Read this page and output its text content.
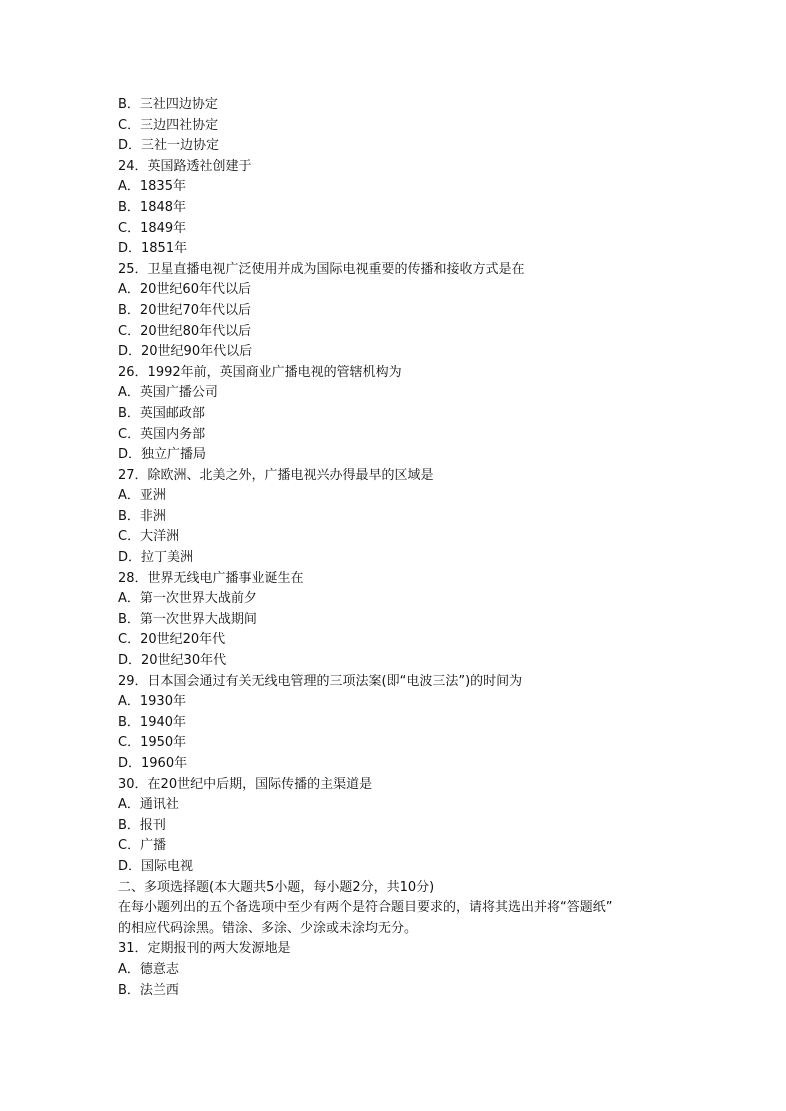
B．三社四边协定
C．三边四社协定
D．三社一边协定
24．英国路透社创建于
A．1835年
B．1848年
C．1849年
D．1851年
25．卫星直播电视广泛使用并成为国际电视重要的传播和接收方式是在
A．20世纪60年代以后
B．20世纪70年代以后
C．20世纪80年代以后
D．20世纪90年代以后
26．1992年前，英国商业广播电视的管辖机构为
A．英国广播公司
B．英国邮政部
C．英国内务部
D．独立广播局
27．除欧洲、北美之外，广播电视兴办得最早的区域是
A．亚洲
B．非洲
C．大洋洲
D．拉丁美洲
28．世界无线电广播事业诞生在
A．第一次世界大战前夕
B．第一次世界大战期间
C．20世纪20年代
D．20世纪30年代
29．日本国会通过有关无线电管理的三项法案(即“电波三法”)的时间为
A．1930年
B．1940年
C．1950年
D．1960年
30．在20世纪中后期，国际传播的主渠道是
A．通讯社
B．报刊
C．广播
D．国际电视
二、多项选择题(本大题共5小题，每小题2分，共10分)
在每小题列出的五个备选项中至少有两个是符合题目要求的，请将其选出并将“答题纸”
的相应代码涂黑。错涂、多涂、少涂或未涂均无分。
31．定期报刊的两大发源地是
A．德意志
B．法兰西
